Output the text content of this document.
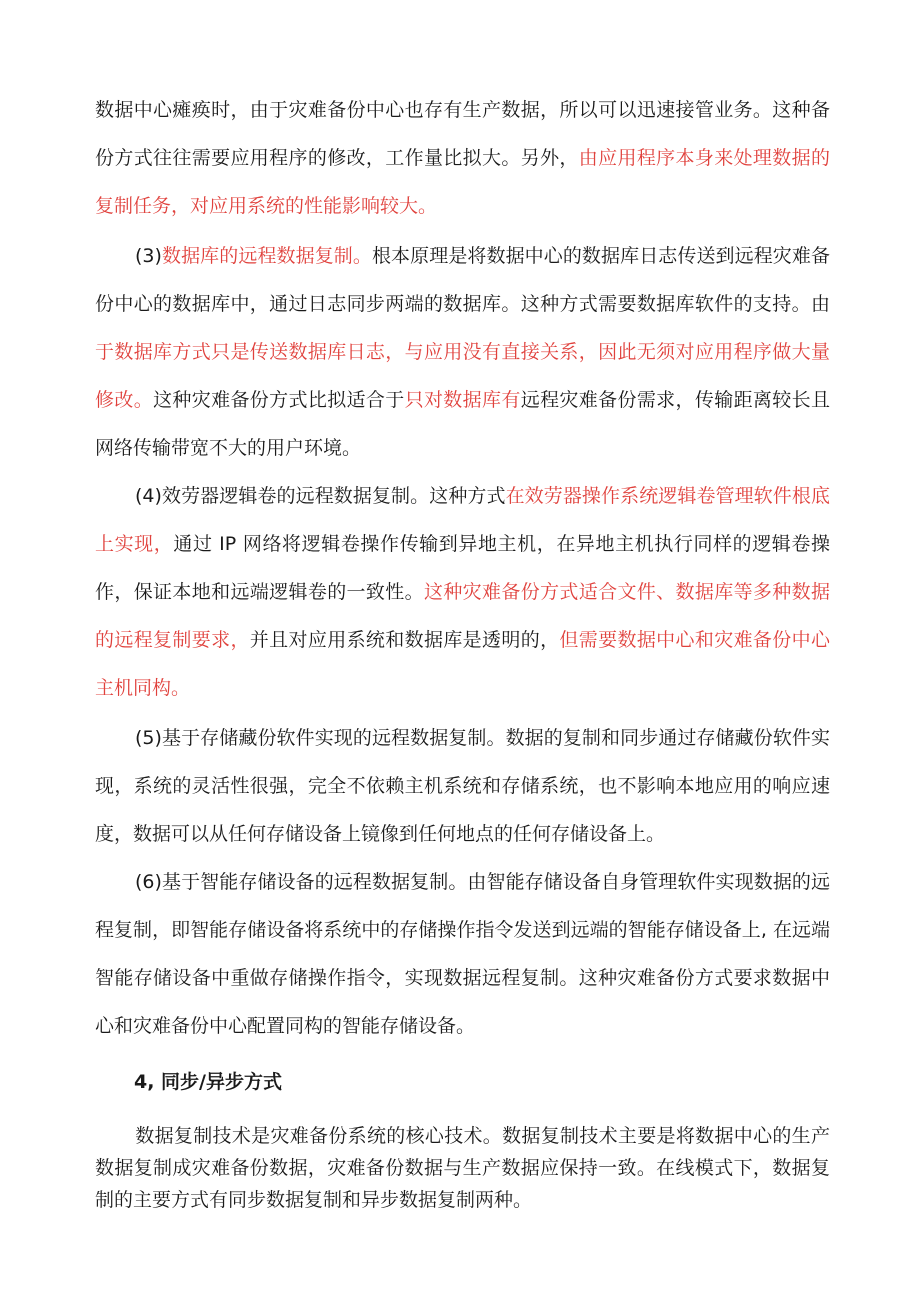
数据中心瘫痪时，由于灾难备份中心也存有生产数据，所以可以迅速接管业务。这种备份方式往往需要应用程序的修改，工作量比拟大。另外，由应用程序本身来处理数据的复制任务，对应用系统的性能影响较大。

(3)数据库的远程数据复制。根本原理是将数据中心的数据库日志传送到远程灾难备份中心的数据库中，通过日志同步两端的数据库。这种方式需要数据库软件的支持。由于数据库方式只是传送数据库日志，与应用没有直接关系，因此无须对应用程序做大量修改。这种灾难备份方式比拟适合于只对数据库有远程灾难备份需求，传输距离较长且网络传输带宽不大的用户环境。

(4)效劳器逻辑卷的远程数据复制。这种方式在效劳器操作系统逻辑卷管理软件根底上实现，通过 IP 网络将逻辑卷操作传输到异地主机，在异地主机执行同样的逻辑卷操作，保证本地和远端逻辑卷的一致性。这种灾难备份方式适合文件、数据库等多种数据的远程复制要求，并且对应用系统和数据库是透明的，但需要数据中心和灾难备份中心主机同构。

(5)基于存储藏份软件实现的远程数据复制。数据的复制和同步通过存储藏份软件实现，系统的灵活性很强，完全不依赖主机系统和存储系统，也不影响本地应用的响应速度，数据可以从任何存储设备上镜像到任何地点的任何存储设备上。

(6)基于智能存储设备的远程数据复制。由智能存储设备自身管理软件实现数据的远程复制，即智能存储设备将系统中的存储操作指令发送到远端的智能存储设备上, 在远端智能存储设备中重做存储操作指令，实现数据远程复制。这种灾难备份方式要求数据中心和灾难备份中心配置同构的智能存储设备。

4, 同步/异步方式

数据复制技术是灾难备份系统的核心技术。数据复制技术主要是将数据中心的生产数据复制成灾难备份数据，灾难备份数据与生产数据应保持一致。在线模式下，数据复制的主要方式有同步数据复制和异步数据复制两种。
